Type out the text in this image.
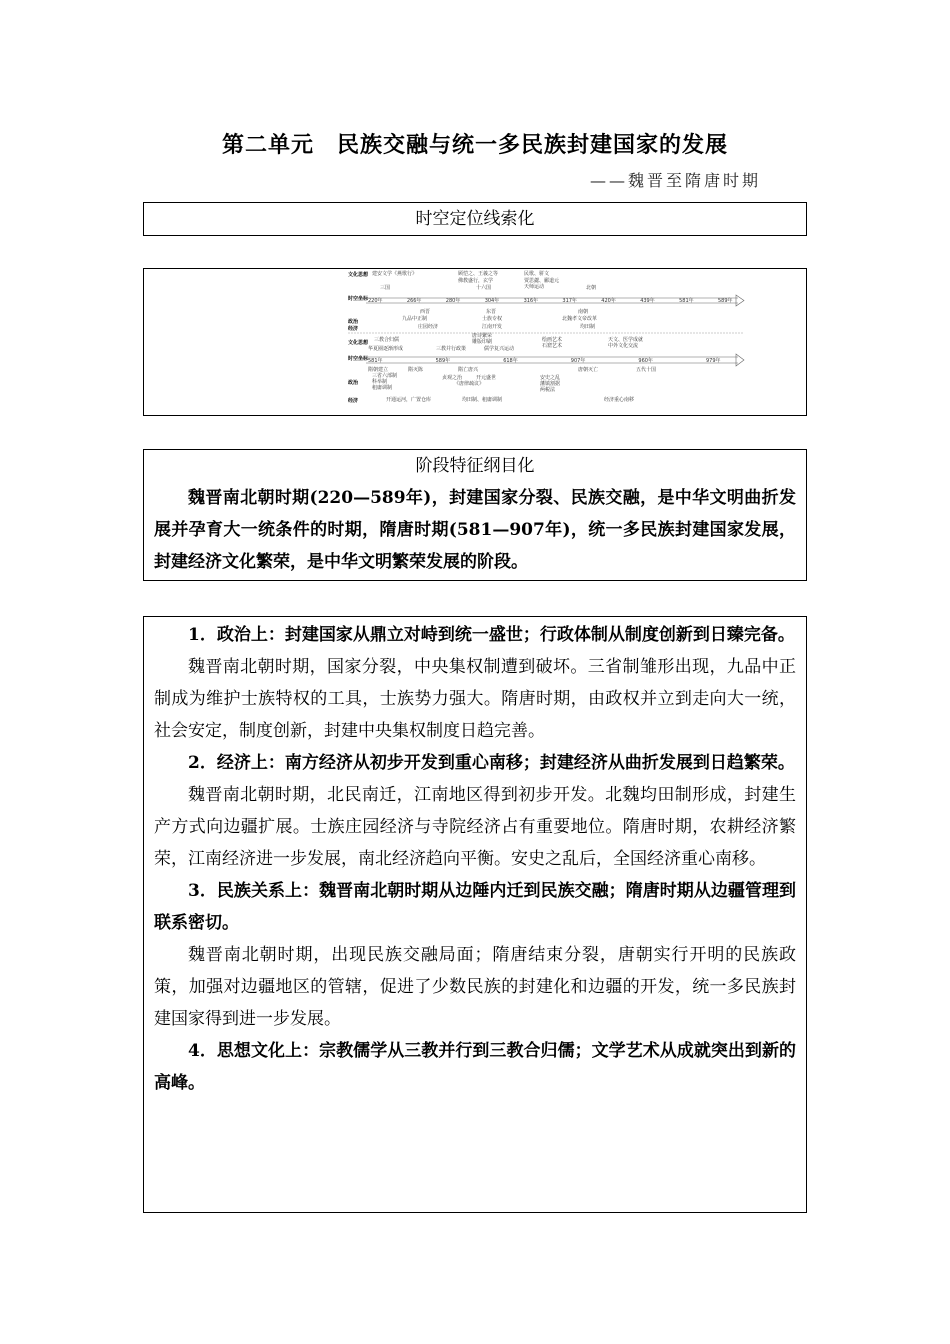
第二单元　民族交融与统一多民族封建国家的发展
——魏晋至隋唐时期
时空定位线索化
文化思想 建安文学《燕歌行》	顾恺之、王羲之等
佛教盛行，玄学
民歌、骈文
贾思勰、郦道元
天师运动
三国	十六国	北朝
时空坐标 220年	266年	280年	304年	316年	317年	420年	439年	581年	589年
政治
西晋	东晋	南朝
九品中正制	士族专权	北魏孝文帝改革
经济	庄园经济	江南开发	均田制
文化思想 三教合归儒
华夏圈逐渐形成
唐诗繁荣
雕版印刷
三教并行政策	儒学复兴运动
绘画艺术
石窟艺术
天文、医学成就
中外文化交流
时空坐标 581年	589年	618年	907年	960年	979年
隋朝建立	隋灭陈	隋亡唐兴	唐朝灭亡	五代十国
政治
三省六部制
科举制
租庸调制
贞观之治	开元盛世
《唐律疏议》
安史之乱
藩镇割据
两税法
经济	开通运河，广置仓库	均田制、租庸调制	经济重心南移
阶段特征纲目化

魏晋南北朝时期(220—589年)，封建国家分裂、民族交融，是中华文明曲折发展并孕育大一统条件的时期，隋唐时期(581—907年)，统一多民族封建国家发展，封建经济文化繁荣，是中华文明繁荣发展的阶段。

1．政治上：封建国家从鼎立对峙到统一盛世；行政体制从制度创新到日臻完备。

魏晋南北朝时期，国家分裂，中央集权制遭到破坏。三省制雏形出现，九品中正制成为维护士族特权的工具，士族势力强大。隋唐时期，由政权并立到走向大一统，社会安定，制度创新，封建中央集权制度日趋完善。

2．经济上：南方经济从初步开发到重心南移；封建经济从曲折发展到日趋繁荣。

魏晋南北朝时期，北民南迁，江南地区得到初步开发。北魏均田制形成，封建生产方式向边疆扩展。士族庄园经济与寺院经济占有重要地位。隋唐时期，农耕经济繁荣，江南经济进一步发展，南北经济趋向平衡。安史之乱后，全国经济重心南移。

3．民族关系上：魏晋南北朝时期从边陲内迁到民族交融；隋唐时期从边疆管理到联系密切。

魏晋南北朝时期，出现民族交融局面；隋唐结束分裂，唐朝实行开明的民族政策，加强对边疆地区的管辖，促进了少数民族的封建化和边疆的开发，统一多民族封建国家得到进一步发展。

4．思想文化上：宗教儒学从三教并行到三教合归儒；文学艺术从成就突出到新的高峰。
